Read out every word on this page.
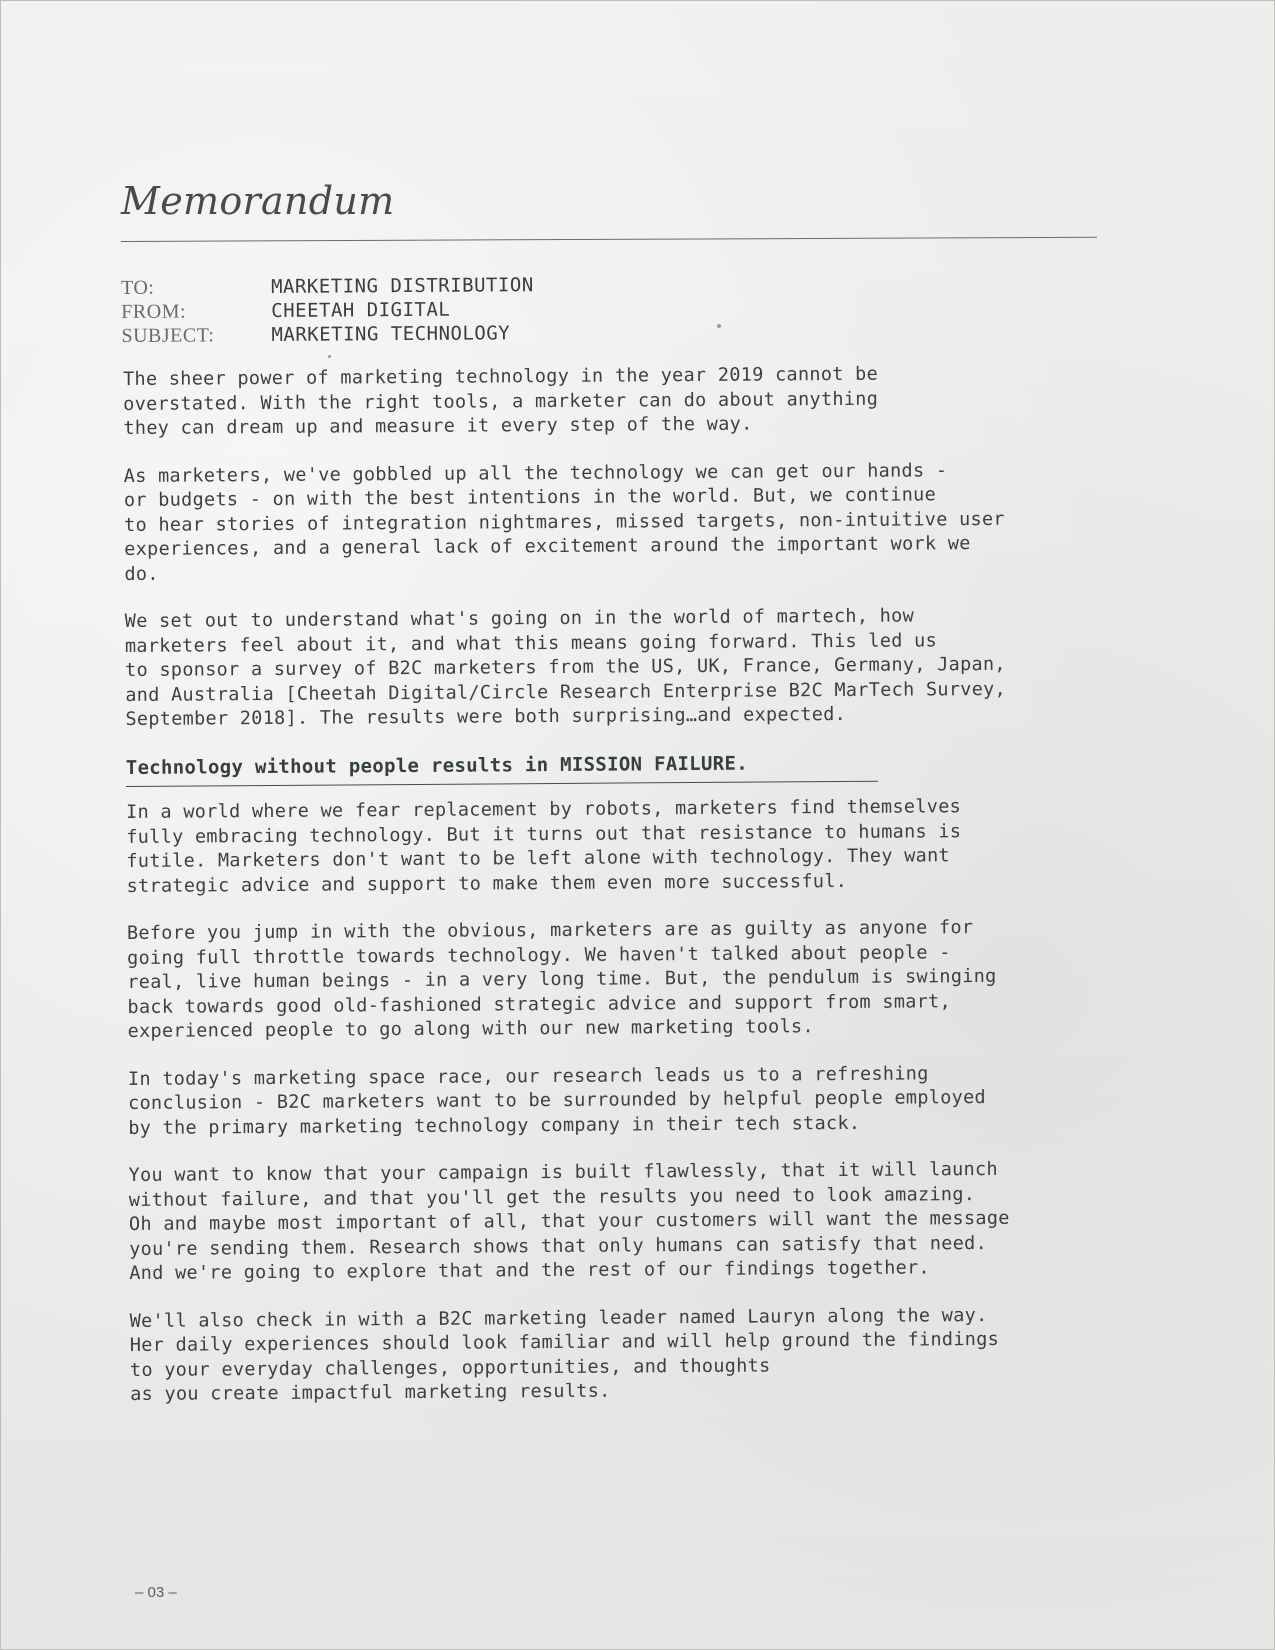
Memorandum
TO:	MARKETING DISTRIBUTION
FROM:	CHEETAH DIGITAL
SUBJECT:	MARKETING TECHNOLOGY
The sheer power of marketing technology in the year 2019 cannot be
overstated. With the right tools, a marketer can do about anything
they can dream up and measure it every step of the way.
As marketers, we've gobbled up all the technology we can get our hands -
or budgets - on with the best intentions in the world. But, we continue
to hear stories of integration nightmares, missed targets, non-intuitive user
experiences, and a general lack of excitement around the important work we
do.
We set out to understand what's going on in the world of martech, how
marketers feel about it, and what this means going forward. This led us
to sponsor a survey of B2C marketers from the US, UK, France, Germany, Japan,
and Australia [Cheetah Digital/Circle Research Enterprise B2C MarTech Survey,
September 2018]. The results were both surprising…and expected.
Technology without people results in MISSION FAILURE.
In a world where we fear replacement by robots, marketers find themselves
fully embracing technology. But it turns out that resistance to humans is
futile. Marketers don't want to be left alone with technology. They want
strategic advice and support to make them even more successful.
Before you jump in with the obvious, marketers are as guilty as anyone for
going full throttle towards technology. We haven't talked about people -
real, live human beings - in a very long time. But, the pendulum is swinging
back towards good old-fashioned strategic advice and support from smart,
experienced people to go along with our new marketing tools.
In today's marketing space race, our research leads us to a refreshing
conclusion - B2C marketers want to be surrounded by helpful people employed
by the primary marketing technology company in their tech stack.
You want to know that your campaign is built flawlessly, that it will launch
without failure, and that you'll get the results you need to look amazing.
Oh and maybe most important of all, that your customers will want the message
you're sending them. Research shows that only humans can satisfy that need.
And we're going to explore that and the rest of our findings together.
We'll also check in with a B2C marketing leader named Lauryn along the way.
Her daily experiences should look familiar and will help ground the findings
to your everyday challenges, opportunities, and thoughts
as you create impactful marketing results.
– 03 –
